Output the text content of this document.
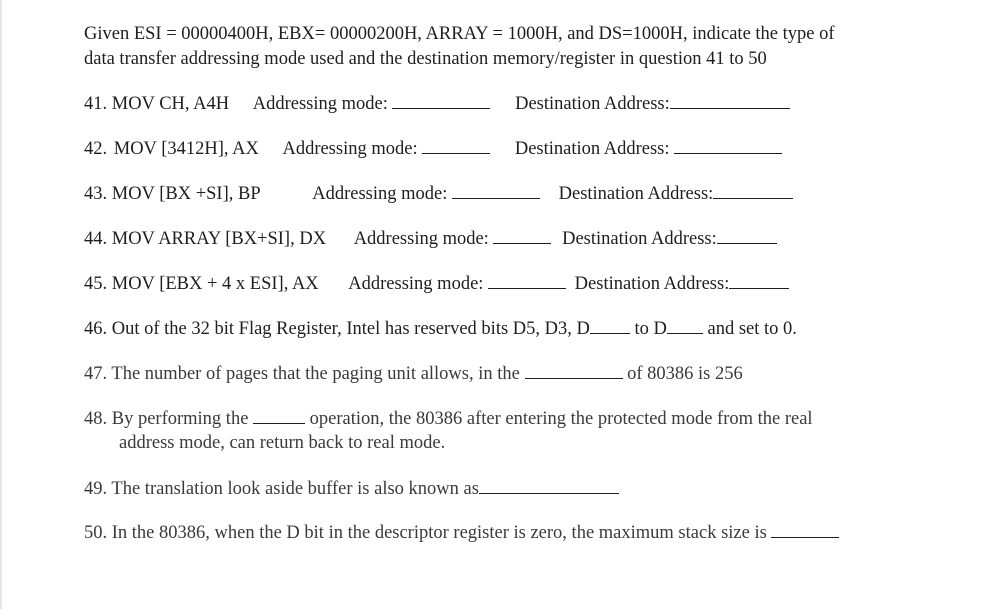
Given ESI = 00000400H, EBX= 00000200H, ARRAY = 1000H, and DS=1000H, indicate the type of
data transfer addressing mode used and the destination memory/register in question 41 to 50
41. MOV CH, A4H Addressing mode:	Destination Address:
42. MOV [3412H], AX Addressing mode:	Destination Address:
43. MOV [BX +SI], BP	Addressing mode:	Destination Address:
44. MOV ARRAY [BX+SI], DX Addressing mode:	Destination Address:
45. MOV [EBX + 4 x ESI], AX Addressing mode:	Destination Address:
46. Out of the 32 bit Flag Register, Intel has reserved bits D5, D3, D to D and set to 0.
47. The number of pages that the paging unit allows, in the	of 80386 is 256
48. By performing the	operation, the 80386 after entering the protected mode from the real
address mode, can return back to real mode.
49. The translation look aside buffer is also known as
50. In the 80386, when the D bit in the descriptor register is zero, the maximum stack size is
